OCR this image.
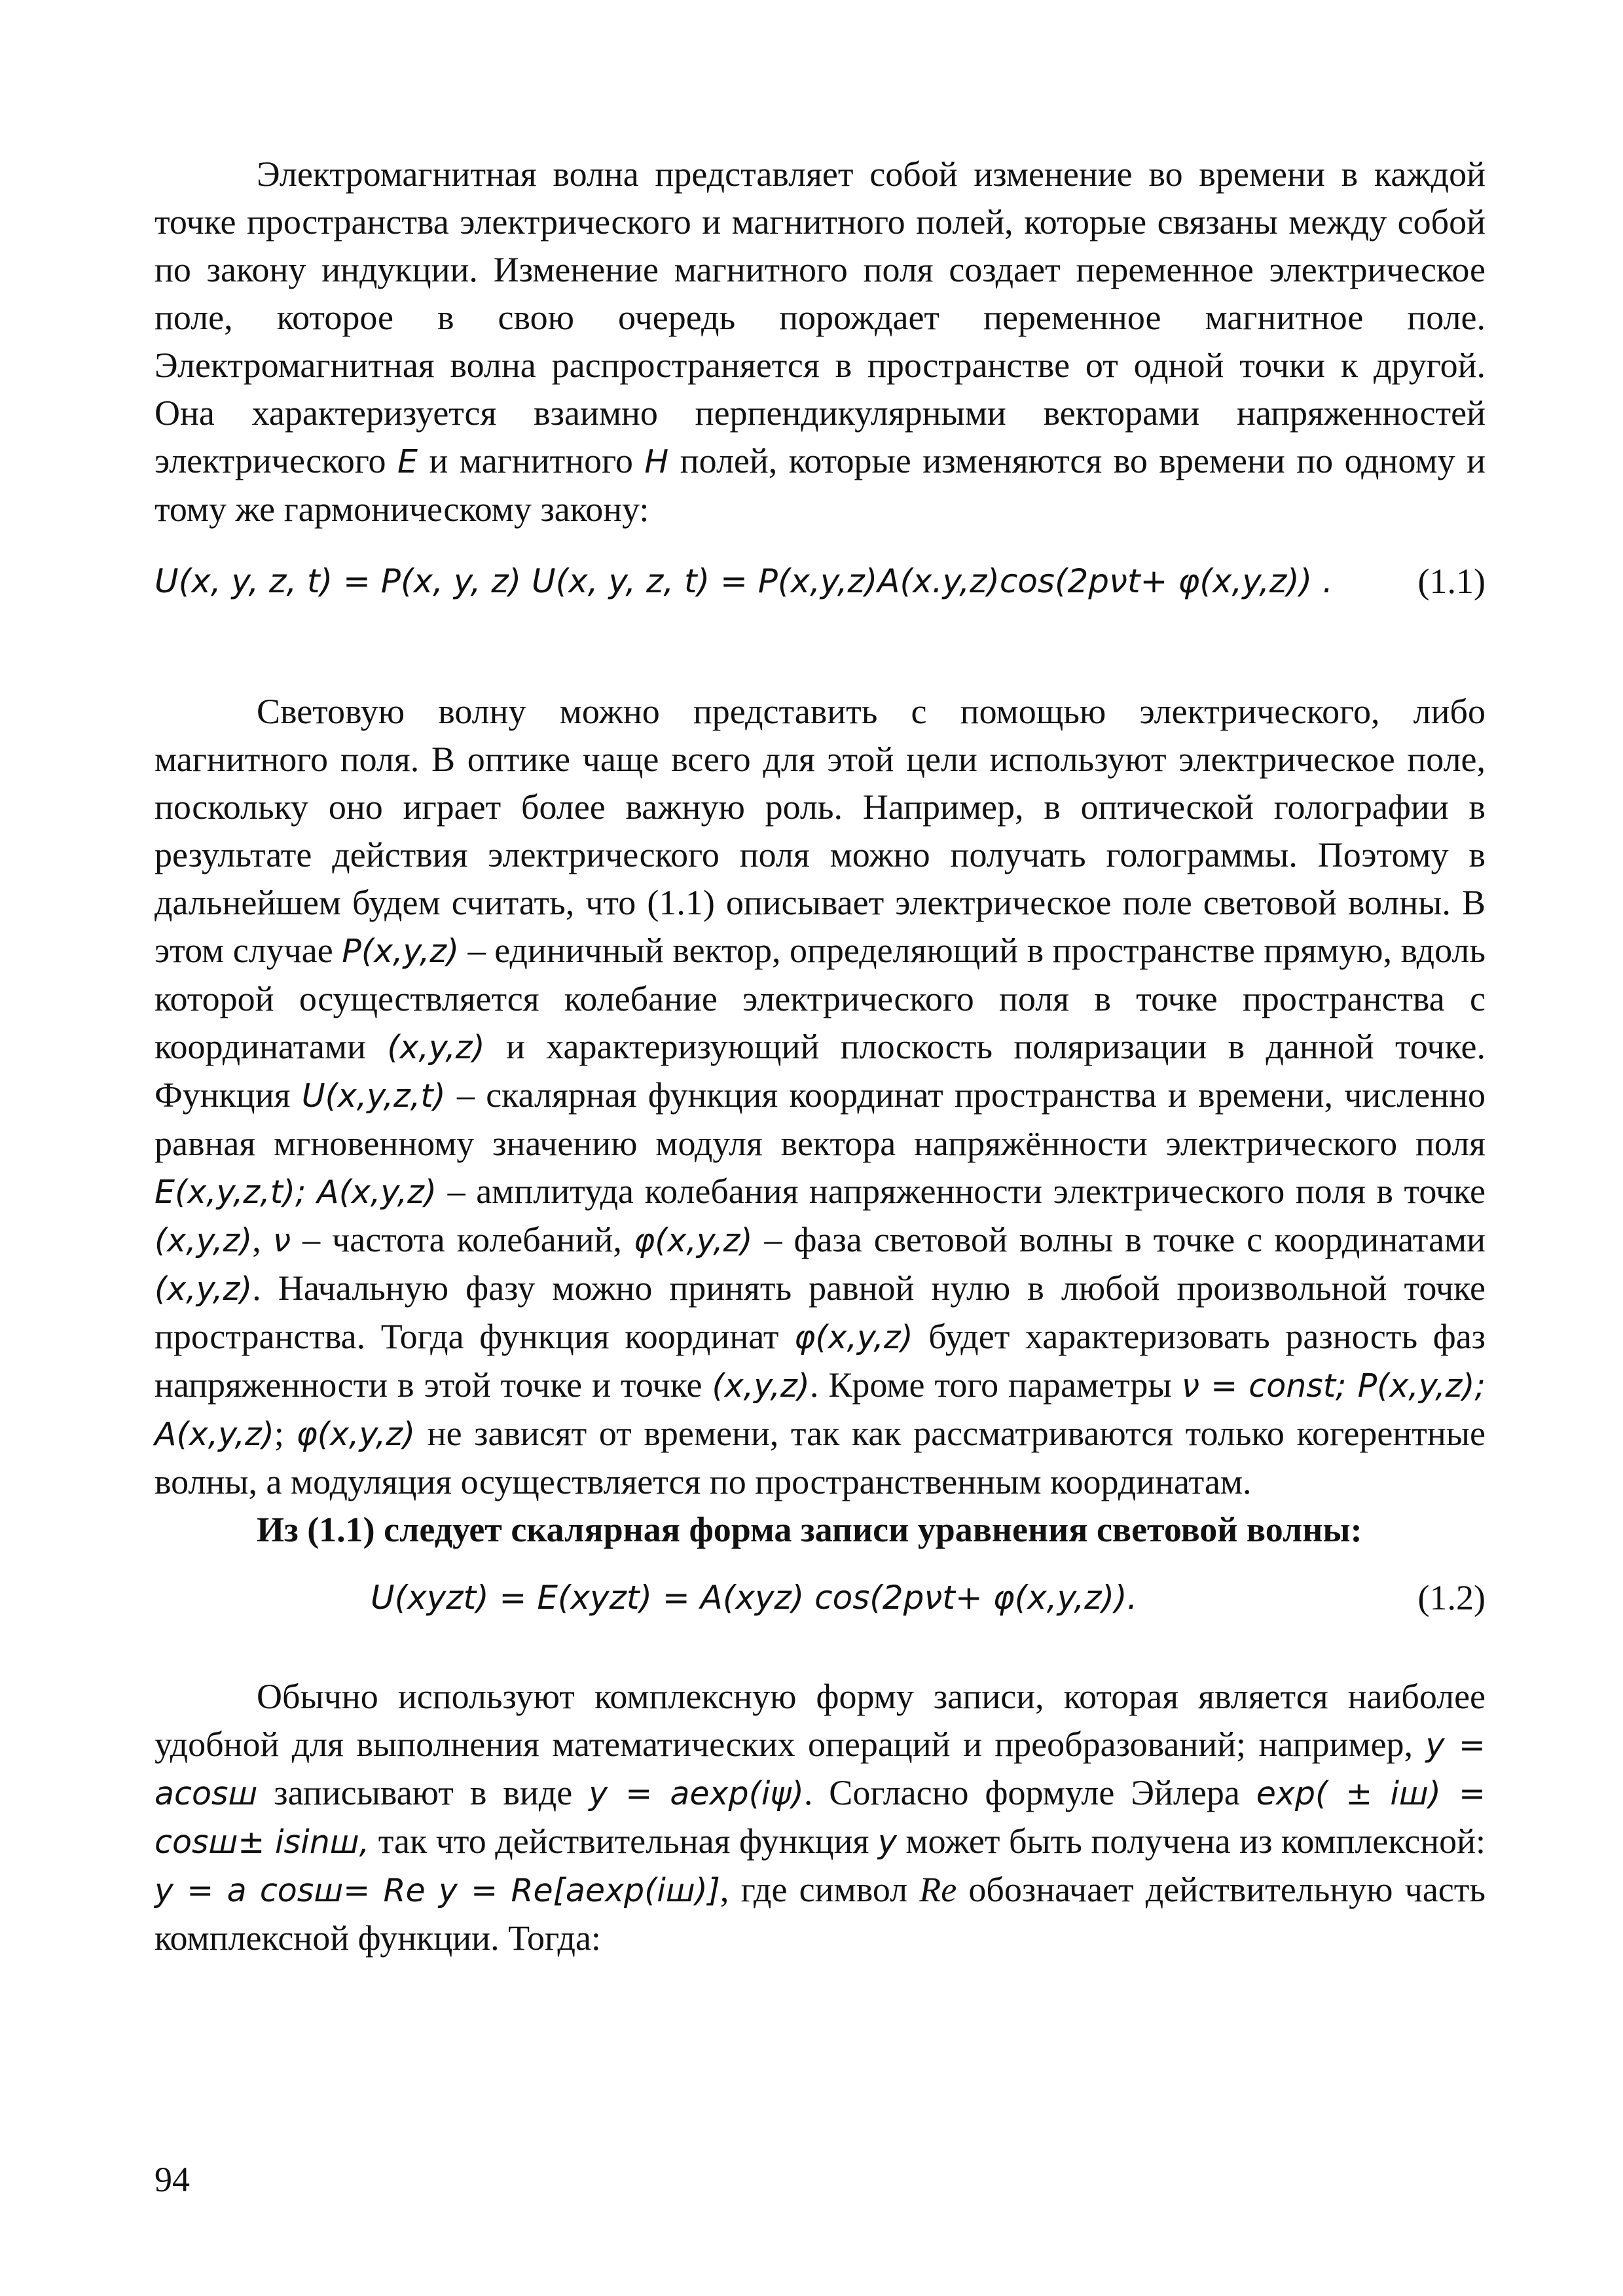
Электромагнитная волна представляет собой изменение во времени в каждой точке пространства электрического и магнитного полей, которые связаны между собой по закону индукции. Изменение магнитного поля создает переменное электрическое поле, которое в свою очередь порождает переменное магнитное поле. Электромагнитная волна распространяется в пространстве от одной точки к другой. Она характеризуется взаимно перпендикулярными векторами напряженностей электрического E и магнитного H полей, которые изменяются во времени по одному и тому же гармоническому закону:

U(x, y, z, t) = P(x, y, z) U(x, y, z, t) = P(x,y,z)A(x.y,z)cos(2pνt+ φ(x,y,z)) . (1.1)

Световую волну можно представить с помощью электрического, либо магнитного поля. В оптике чаще всего для этой цели используют электрическое поле, поскольку оно играет более важную роль. Например, в оптической голографии в результате действия электрического поля можно получать голограммы. Поэтому в дальнейшем будем считать, что (1.1) описывает электрическое поле световой волны. В этом случае P(x,y,z) – единичный вектор, определяющий в пространстве прямую, вдоль которой осуществляется колебание электрического поля в точке пространства с координатами (x,y,z) и характеризующий плоскость поляризации в данной точке. Функция U(x,y,z,t) – скалярная функция координат пространства и времени, численно равная мгновенному значению модуля вектора напряжённости электрического поля E(x,y,z,t); A(x,y,z) – амплитуда колебания напряженности электрического поля в точке (x,y,z), ν – частота колебаний, φ(x,y,z) – фаза световой волны в точке с координатами (x,y,z). Начальную фазу можно принять равной нулю в любой произвольной точке пространства. Тогда функция координат φ(x,y,z) будет характеризовать разность фаз напряженности в этой точке и точке (x,y,z). Кроме того параметры ν = const; P(x,y,z); A(x,y,z); φ(x,y,z) не зависят от времени, так как рассматриваются только когерентные волны, а модуляция осуществляется по пространственным координатам.

Из (1.1) следует скалярная форма записи уравнения световой волны:

U(xyzt) = E(xyzt) = A(xyz) cos(2pνt+ φ(x,y,z)).	(1.2)

Обычно используют комплексную форму записи, которая является наиболее удобной для выполнения математических операций и преобразований; например, y = acosш записывают в виде y = aexp(iψ). Согласно формуле Эйлера exp( ± iш) = cosш± isinш, так что действительная функция y может быть получена из комплексной: y = a cosш= Re y = Re[aexp(iш)], где символ Re обозначает действительную часть комплексной функции. Тогда:

94
